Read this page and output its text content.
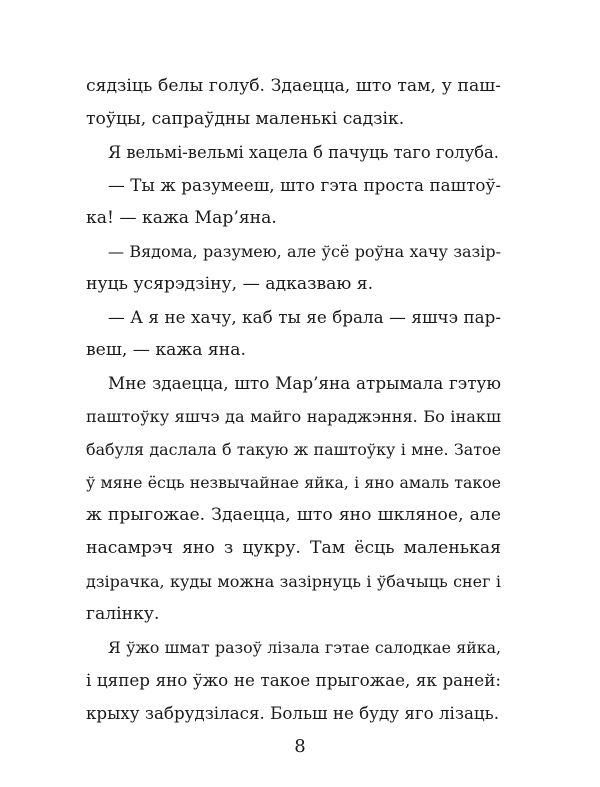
сядзіць белы голуб. Здаецца, што там, у паш-
тоўцы, сапраўдны маленькі садзік.
Я вельмі-вельмі хацела б пачуць таго голуба.
— Ты ж разумееш, што гэта проста паштоў-
ка! — кажа Мар’яна.
— Вядома, разумею, але ўсё роўна хачу зазір-
нуць усярэдзіну, — адказваю я.
— А я не хачу, каб ты яе брала — яшчэ пар-
веш, — кажа яна.
Мне здаецца, што Мар’яна атрымала гэтую
паштоўку яшчэ да майго нараджэння. Бо інакш
бабуля даслала б такую ж паштоўку і мне. Затое
ў мяне ёсць незвычайнае яйка, і яно амаль такое
ж прыгожае. Здаецца, што яно шкляное, але
насамрэч яно з цукру. Там ёсць маленькая
дзірачка, куды можна зазірнуць і ўбачыць снег і
галінку.
Я ўжо шмат разоў лізала гэтае салодкае яйка,
і цяпер яно ўжо не такое прыгожае, як раней:
крыху забрудзілася. Больш не буду яго лізаць.
8
